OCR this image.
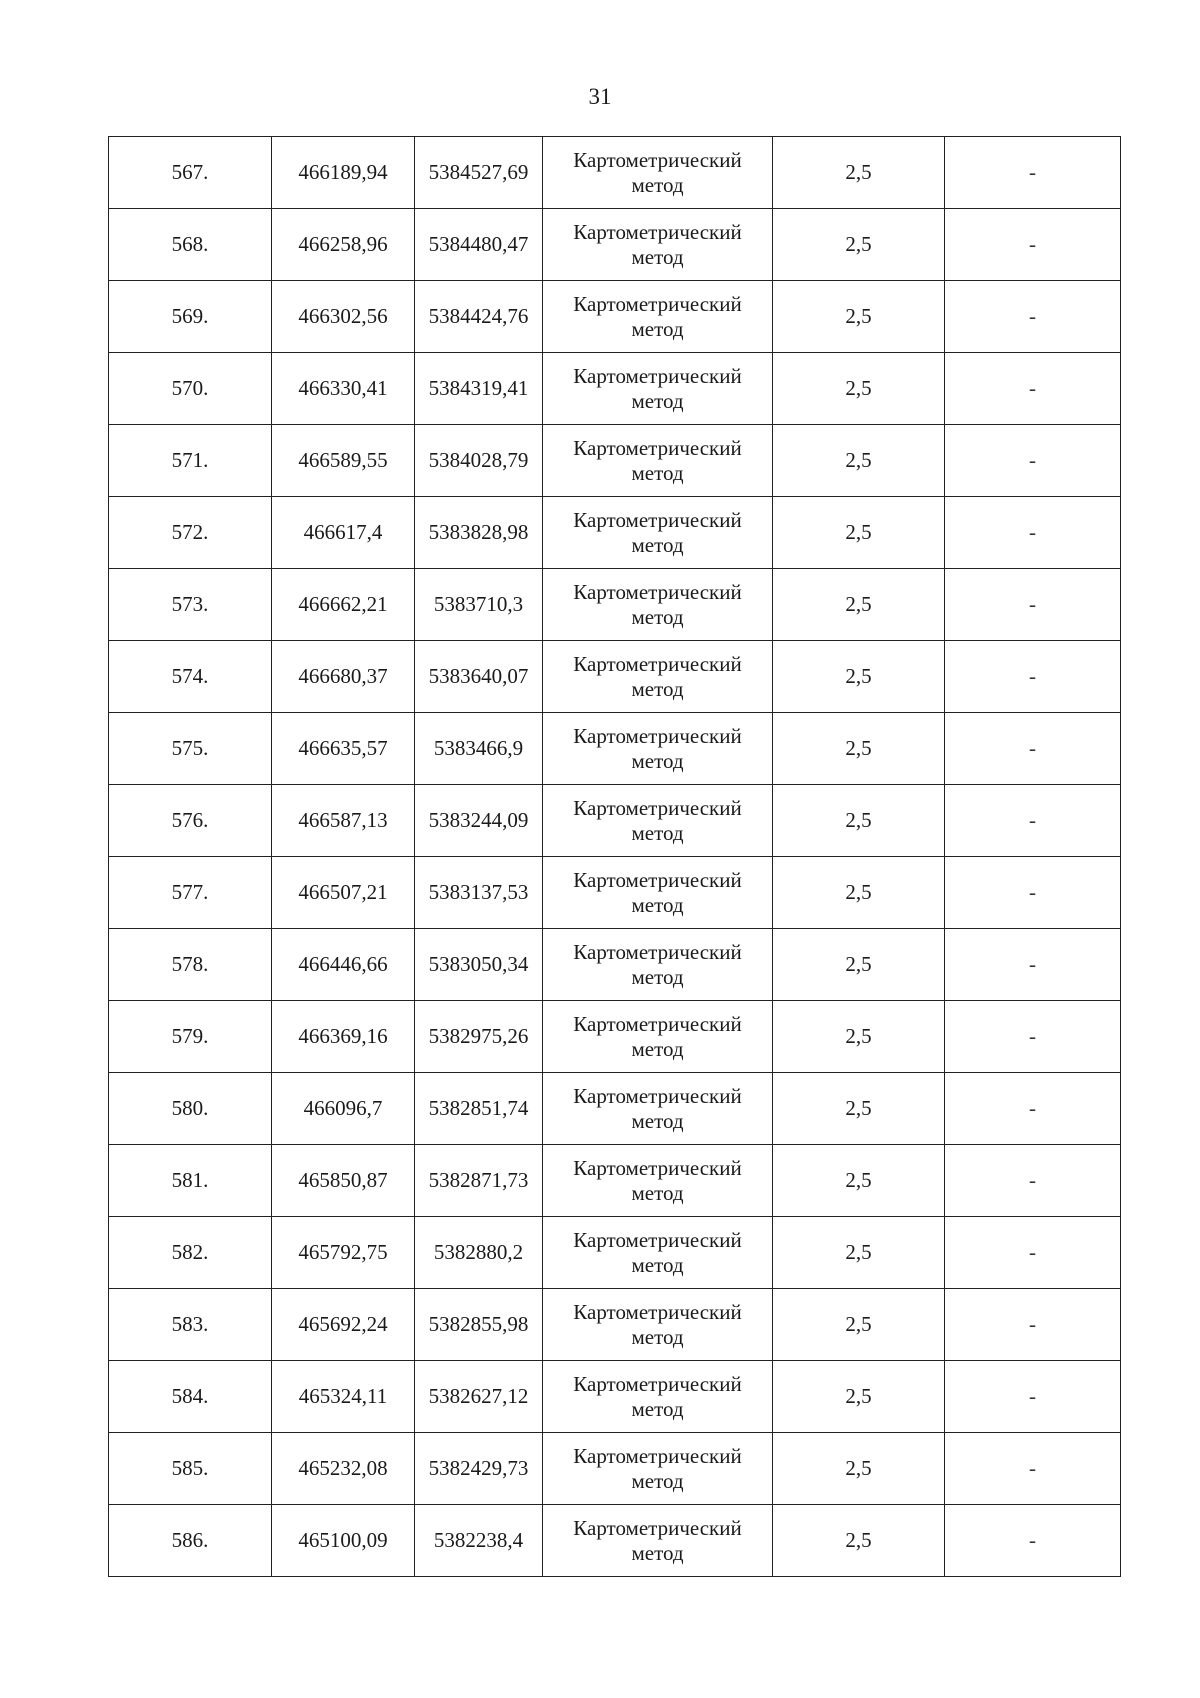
31
567.	466189,94	5384527,69	Картометрический
метод	2,5	-
568.	466258,96	5384480,47	Картометрический
метод	2,5	-
569.	466302,56	5384424,76	Картометрический
метод	2,5	-
570.	466330,41	5384319,41	Картометрический
метод	2,5	-
571.	466589,55	5384028,79	Картометрический
метод	2,5	-
572.	466617,4	5383828,98	Картометрический
метод	2,5	-
573.	466662,21	5383710,3	Картометрический
метод	2,5	-
574.	466680,37	5383640,07	Картометрический
метод	2,5	-
575.	466635,57	5383466,9	Картометрический
метод	2,5	-
576.	466587,13	5383244,09	Картометрический
метод	2,5	-
577.	466507,21	5383137,53	Картометрический
метод	2,5	-
578.	466446,66	5383050,34	Картометрический
метод	2,5	-
579.	466369,16	5382975,26	Картометрический
метод	2,5	-
580.	466096,7	5382851,74	Картометрический
метод	2,5	-
581.	465850,87	5382871,73	Картометрический
метод	2,5	-
582.	465792,75	5382880,2	Картометрический
метод	2,5	-
583.	465692,24	5382855,98	Картометрический
метод	2,5	-
584.	465324,11	5382627,12	Картометрический
метод	2,5	-
585.	465232,08	5382429,73	Картометрический
метод	2,5	-
586.	465100,09	5382238,4	Картометрический
метод	2,5	-
